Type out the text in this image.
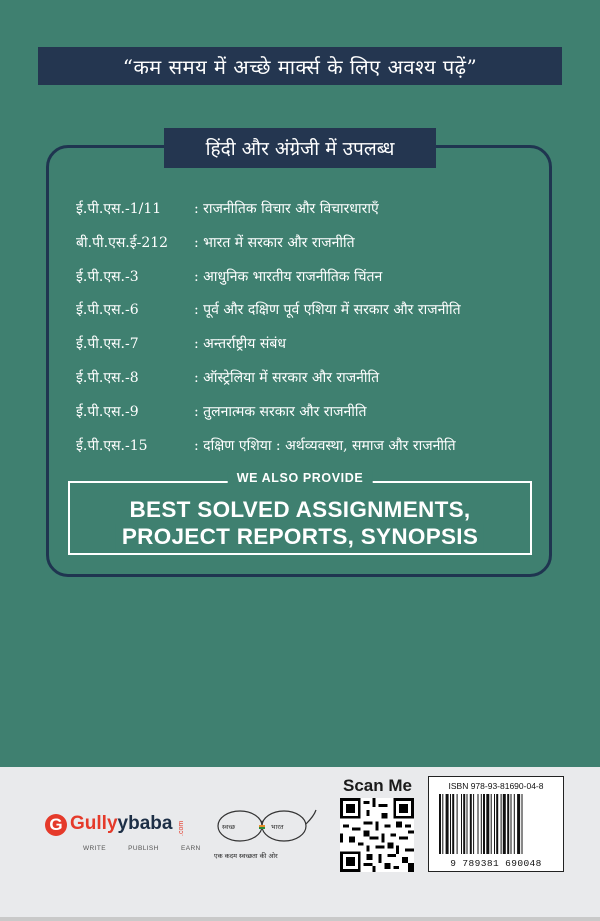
“कम समय में अच्छे मार्क्स के लिए अवश्य पढ़ें”
हिंदी और अंग्रेजी में उपलब्ध
ई.पी.एस.-1/11 : राजनीतिक विचार और विचारधाराएँ
बी.पी.एस.ई-212 : भारत में सरकार और राजनीति
ई.पी.एस.-3	: आधुनिक भारतीय राजनीतिक चिंतन
ई.पी.एस.-6	: पूर्व और दक्षिण पूर्व एशिया में सरकार और राजनीति
ई.पी.एस.-7	: अन्तर्राष्ट्रीय संबंध
ई.पी.एस.-8	: ऑस्ट्रेलिया में सरकार और राजनीति
ई.पी.एस.-9	: तुलनात्मक सरकार और राजनीति
ई.पी.एस.-15	: दक्षिण एशिया : अर्थव्यवस्था, समाज और राजनीति
WE ALSO PROVIDE
BEST SOLVED ASSIGNMENTS,
PROJECT REPORTS, SYNOPSIS
G Gullyybaba .com
WRITE PUBLISH EARN
स्वच्छ	भारत
एक कदम स्वच्छता की ओर
Scan Me	ISBN 978-93-81690-04-8
9 789381 690048
